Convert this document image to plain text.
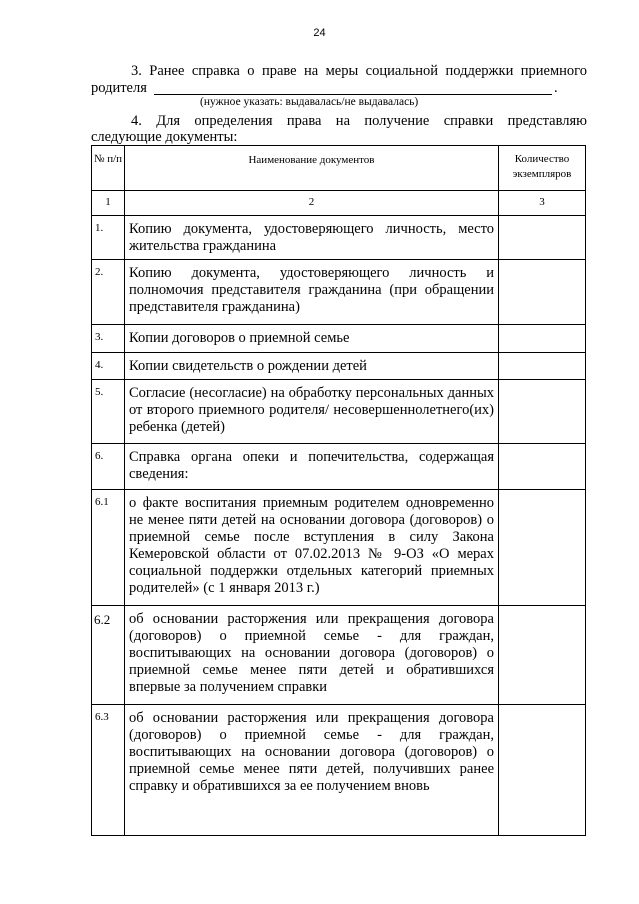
24
3. Ранее справка о праве на меры социальной поддержки приемного
родителя	.
(нужное указать: выдавалась/не выдавалась)
4. Для определения права на получение справки представляю
следующие документы:
№ п/п	Наименование документов	Количество экземпляров
1	2	3
1.	Копию документа, удостоверяющего личность, место жительства гражданина
2.	Копию документа, удостоверяющего личность и полномочия представителя гражданина (при обращении представителя гражданина)
3.	Копии договоров о приемной семье
4.	Копии свидетельств о рождении детей
5.	Согласие (несогласие) на обработку персональных данных от второго приемного родителя/ несовершеннолетнего(их) ребенка (детей)
6.	Справка органа опеки и попечительства, содержащая сведения:
6.1	о факте воспитания приемным родителем одновременно не менее пяти детей на основании договора (договоров) о приемной семье после вступления в силу Закона Кемеровской области от 07.02.2013 № 9-ОЗ «О мерах социальной поддержки отдельных категорий приемных родителей» (с 1 января 2013 г.)
6.2	об основании расторжения или прекращения договора (договоров) о приемной семье - для граждан, воспитывающих на основании договора (договоров) о приемной семье менее пяти детей и обратившихся впервые за получением справки
6.3	об основании расторжения или прекращения договора (договоров) о приемной семье - для граждан, воспитывающих на основании договора (договоров) о приемной семье менее пяти детей, получивших ранее справку и обратившихся за ее получением вновь
